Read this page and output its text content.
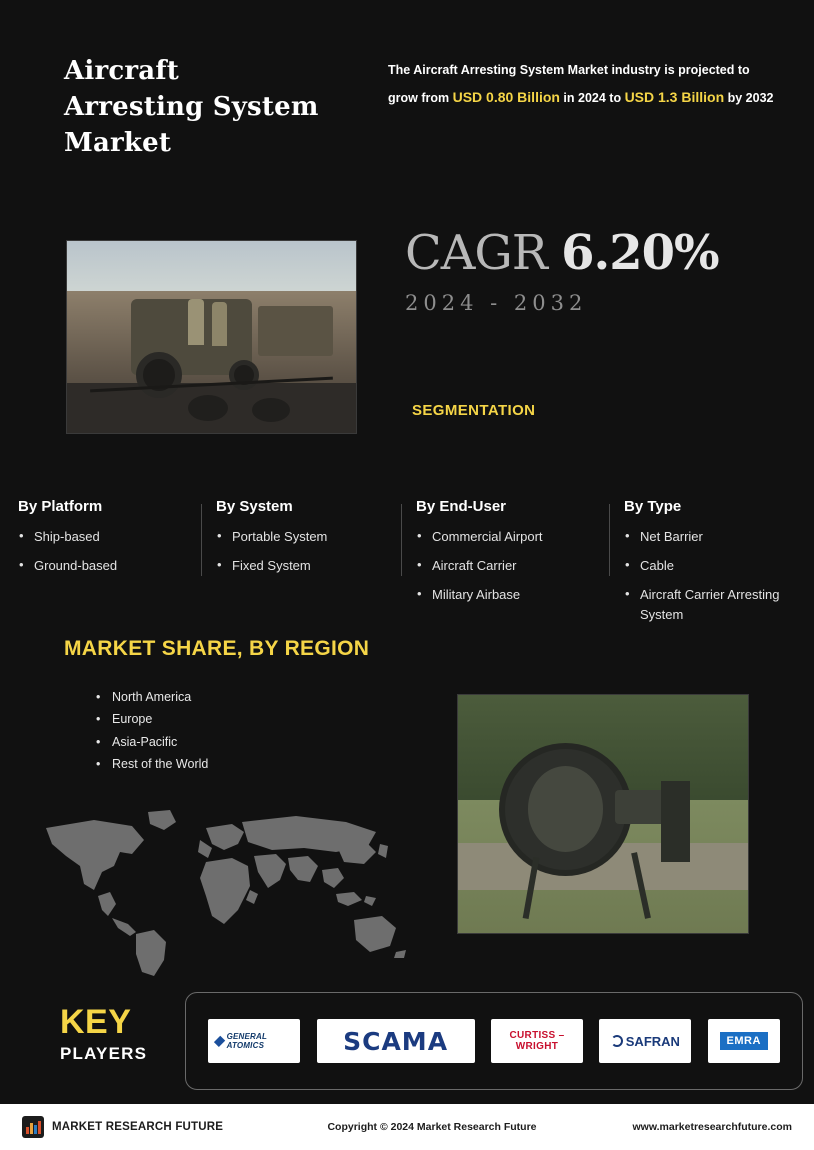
Aircraft
Arresting System
Market
The Aircraft Arresting System Market industry is projected to grow from USD 0.80 Billion in 2024 to USD 1.3 Billion by 2032
CAGR 6.20%
2024 - 2032
SEGMENTATION
By Platform
• Ship-based
• Ground-based
By System
• Portable System
• Fixed System
By End-User
• Commercial Airport
• Aircraft Carrier
• Military Airbase
By Type
• Net Barrier
• Cable
• Aircraft Carrier Arresting System
MARKET SHARE, BY REGION
• North America
• Europe
• Asia-Pacific
• Rest of the World
KEY
PLAYERS
GENERAL ATOMICS	SCAMA	CURTISS –
WRIGHT	SAFRAN	EMRA
MARKET RESEARCH FUTURE	Copyright © 2024 Market Research Future	www.marketresearchfuture.com
